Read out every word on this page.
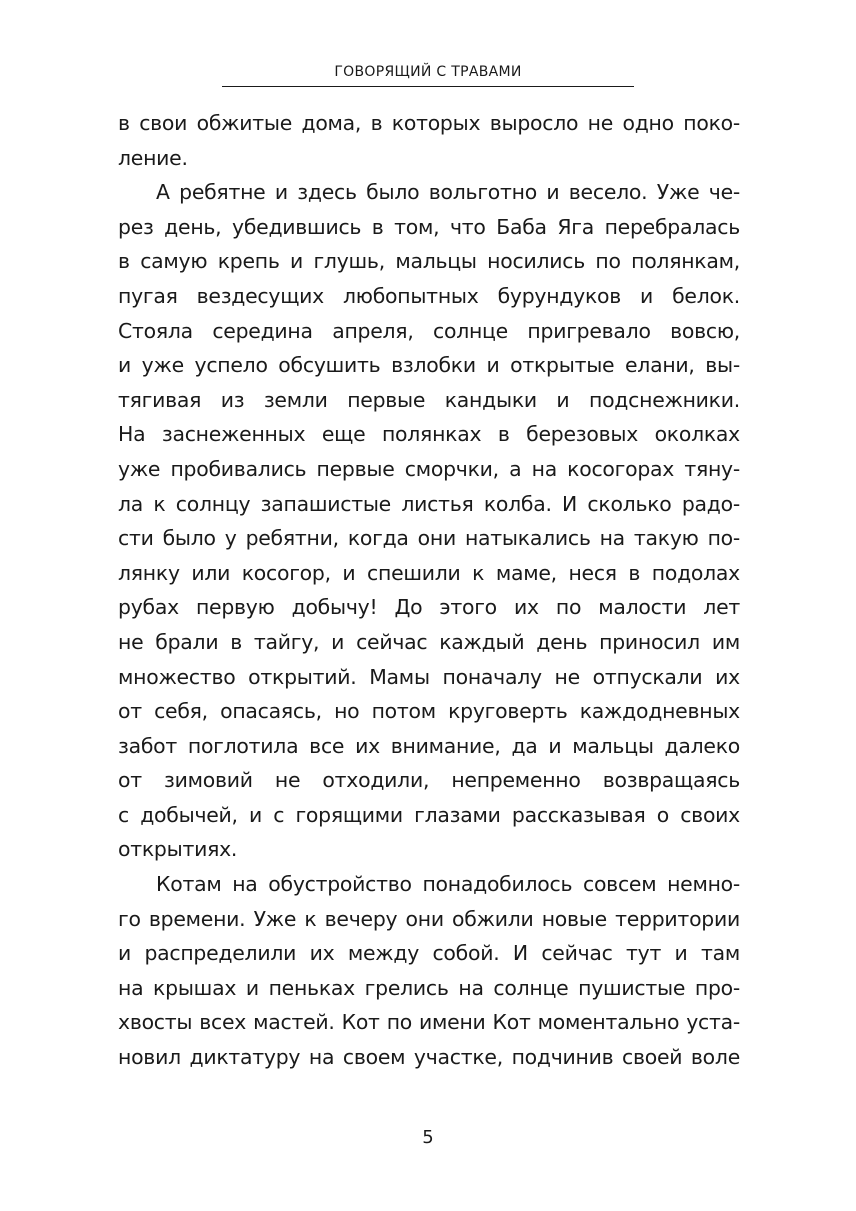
ГОВОРЯЩИЙ С ТРАВАМИ
в свои обжитые дома, в которых выросло не одно поко-
ление.
А ребятне и здесь было вольготно и весело. Уже че-
рез день, убедившись в том, что Баба Яга перебралась
в самую крепь и глушь, мальцы носились по полянкам,
пугая вездесущих любопытных бурундуков и белок.
Стояла середина апреля, солнце пригревало вовсю,
и уже успело обсушить взлобки и открытые елани, вы-
тягивая из земли первые кандыки и подснежники.
На заснеженных еще полянках в березовых околках
уже пробивались первые сморчки, а на косогорах тяну-
ла к солнцу запашистые листья колба. И сколько радо-
сти было у ребятни, когда они натыкались на такую по-
лянку или косогор, и спешили к маме, неся в подолах
рубах первую добычу! До этого их по малости лет
не брали в тайгу, и сейчас каждый день приносил им
множество открытий. Мамы поначалу не отпускали их
от себя, опасаясь, но потом круговерть каждодневных
забот поглотила все их внимание, да и мальцы далеко
от зимовий не отходили, непременно возвращаясь
с добычей, и с горящими глазами рассказывая о своих
открытиях.
Котам на обустройство понадобилось совсем немно-
го времени. Уже к вечеру они обжили новые территории
и распределили их между собой. И сейчас тут и там
на крышах и пеньках грелись на солнце пушистые про-
хвосты всех мастей. Кот по имени Кот моментально уста-
новил диктатуру на своем участке, подчинив своей воле
5
